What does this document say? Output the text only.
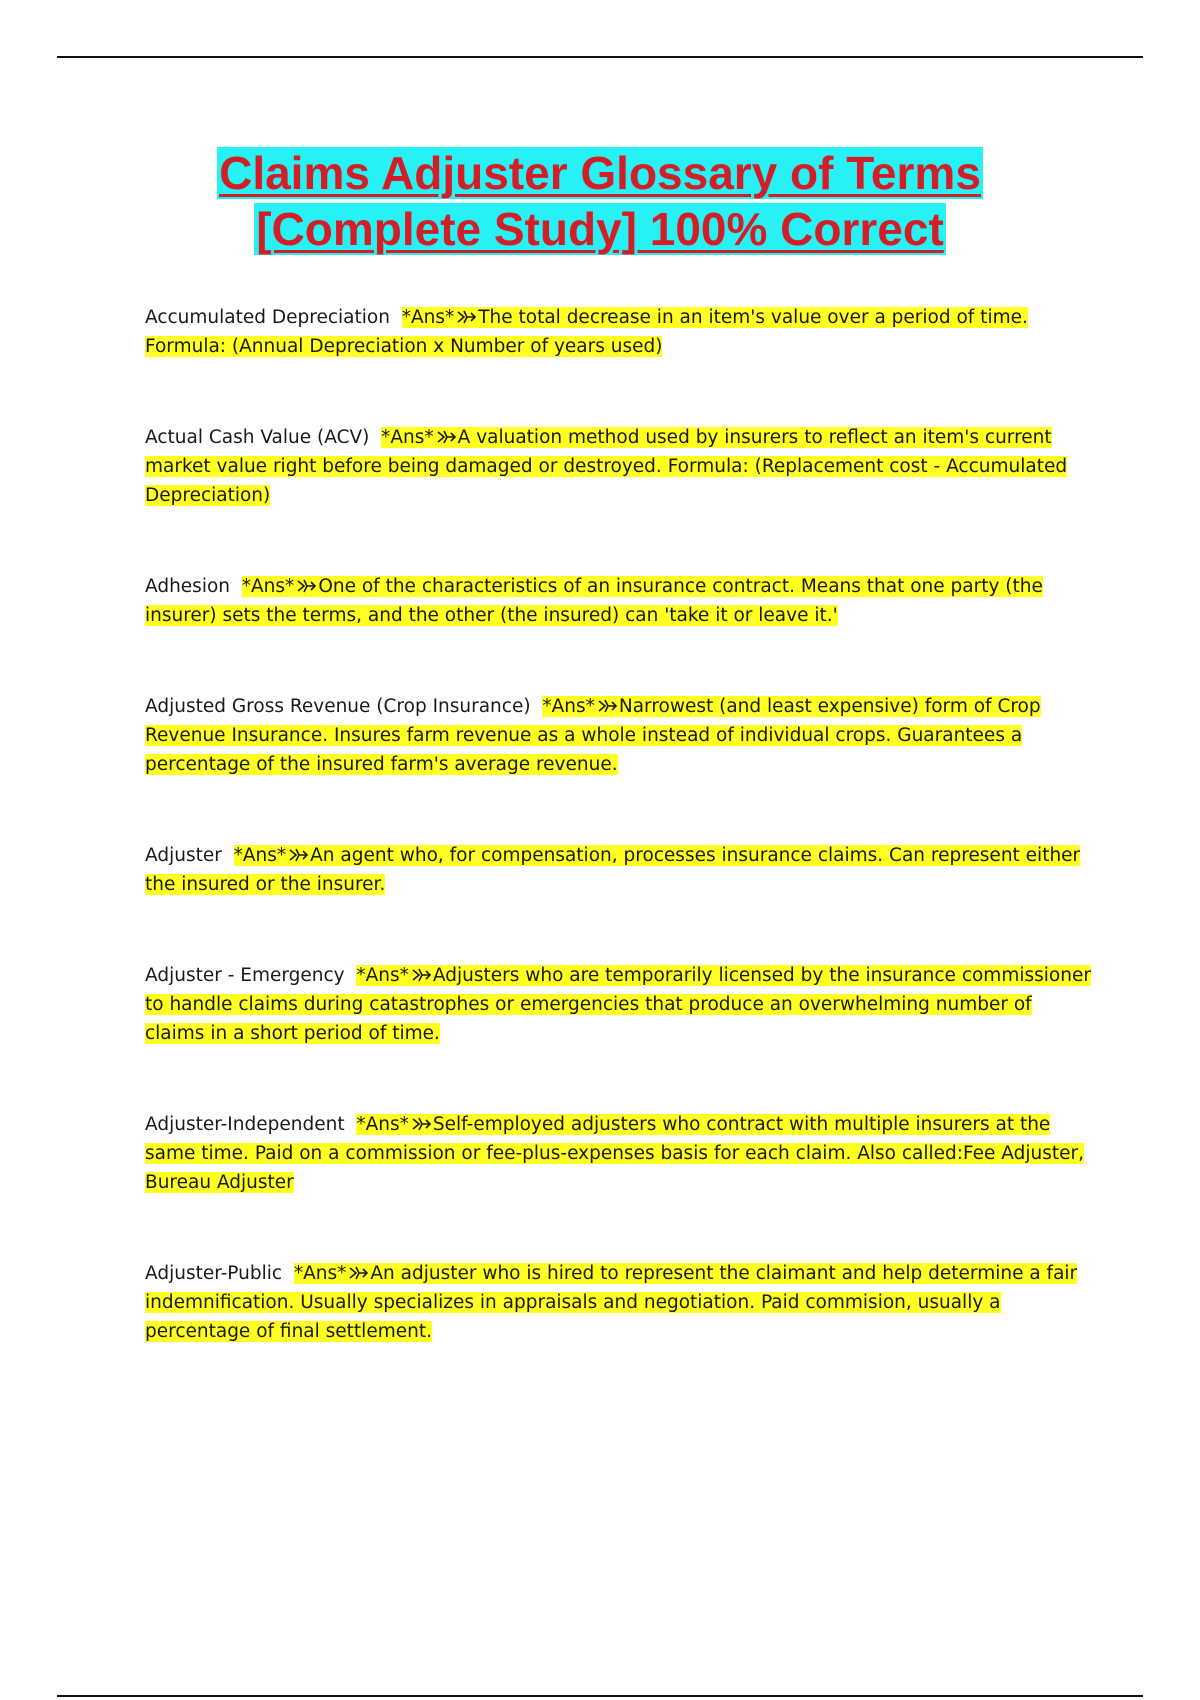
Claims Adjuster Glossary of Terms
[Complete Study] 100% Correct

Accumulated Depreciation *Ans* The total decrease in an item's value over a period of time. Formula: (Annual Depreciation x Number of years used)

Actual Cash Value (ACV) *Ans* A valuation method used by insurers to reflect an item's current market value right before being damaged or destroyed. Formula: (Replacement cost - Accumulated Depreciation)

Adhesion *Ans* One of the characteristics of an insurance contract. Means that one party (the insurer) sets the terms, and the other (the insured) can 'take it or leave it.'

Adjusted Gross Revenue (Crop Insurance) *Ans* Narrowest (and least expensive) form of Crop Revenue Insurance. Insures farm revenue as a whole instead of individual crops. Guarantees a percentage of the insured farm's average revenue.

Adjuster *Ans* An agent who, for compensation, processes insurance claims. Can represent either the insured or the insurer.

Adjuster - Emergency *Ans* Adjusters who are temporarily licensed by the insurance commissioner to handle claims during catastrophes or emergencies that produce an overwhelming number of claims in a short period of time.

Adjuster-Independent *Ans* Self-employed adjusters who contract with multiple insurers at the same time. Paid on a commission or fee-plus-expenses basis for each claim. Also called:Fee Adjuster, Bureau Adjuster

Adjuster-Public *Ans* An adjuster who is hired to represent the claimant and help determine a fair indemnification. Usually specializes in appraisals and negotiation. Paid commision, usually a percentage of final settlement.
